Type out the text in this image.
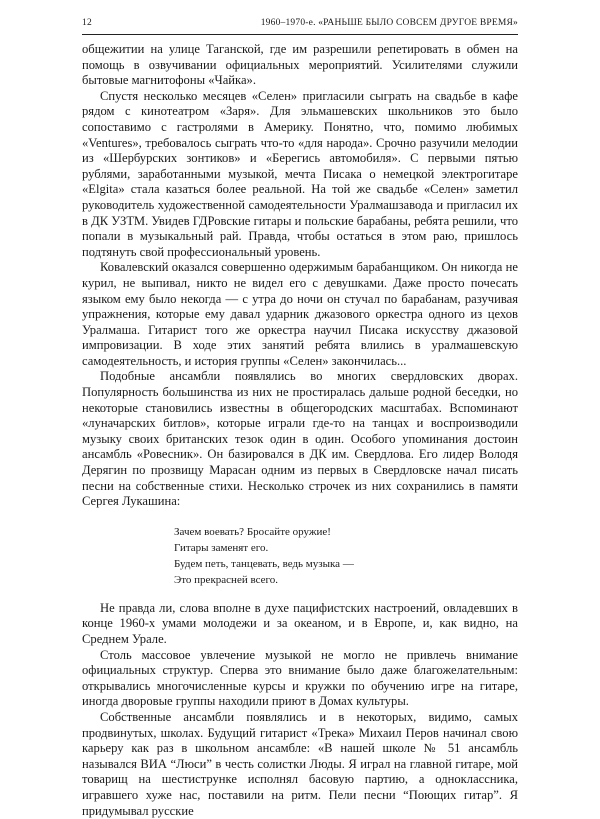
12	1960–1970-е. «РАНЬШЕ БЫЛО СОВСЕМ ДРУГОЕ ВРЕМЯ»

общежитии на улице Таганской, где им разрешили репетировать в обмен на помощь в озвучивании официальных мероприятий. Усилителями служили бытовые магнитофоны «Чайка».

Спустя несколько месяцев «Селен» пригласили сыграть на свадьбе в кафе рядом с кинотеатром «Заря». Для эльмашевских школьников это было сопоставимо с гастролями в Америку. Понятно, что, помимо любимых «Ventures», требовалось сыграть что-то «для народа». Срочно разучили мелодии из «Шербурских зонтиков» и «Берегись автомобиля». С первыми пятью рублями, заработанными музыкой, мечта Писака о немецкой электрогитаре «Elgita» стала казаться более реальной. На той же свадьбе «Селен» заметил руководитель художественной самодеятельности Уралмашзавода и пригласил их в ДК УЗТМ. Увидев ГДРовские гитары и польские барабаны, ребята решили, что попали в музыкальный рай. Правда, чтобы остаться в этом раю, пришлось подтянуть свой профессиональный уровень.

Ковалевский оказался совершенно одержимым барабанщиком. Он никогда не курил, не выпивал, никто не видел его с девушками. Даже просто почесать языком ему было некогда — с утра до ночи он стучал по барабанам, разучивая упражнения, которые ему давал ударник джазового оркестра одного из цехов Уралмаша. Гитарист того же оркестра научил Писака искусству джазовой импровизации. В ходе этих занятий ребята влились в уралмашевскую самодеятельность, и история группы «Селен» закончилась...

Подобные ансамбли появлялись во многих свердловских дворах. Популярность большинства из них не простиралась дальше родной беседки, но некоторые становились известны в общегородских масштабах. Вспоминают «луначарских битлов», которые играли где-то на танцах и воспроизводили музыку своих британских тезок один в один. Особого упоминания достоин ансамбль «Ровесник». Он базировался в ДК им. Свердлова. Его лидер Володя Дерягин по прозвищу Марасан одним из первых в Свердловске начал писать песни на собственные стихи. Несколько строчек из них сохранились в памяти Сергея Лукашина:

Зачем воевать? Бросайте оружие!
Гитары заменят его.
Будем петь, танцевать, ведь музыка —
Это прекрасней всего.

Не правда ли, слова вполне в духе пацифистских настроений, овладевших в конце 1960-х умами молодежи и за океаном, и в Европе, и, как видно, на Среднем Урале.

Столь массовое увлечение музыкой не могло не привлечь внимание официальных структур. Сперва это внимание было даже благожелательным: открывались многочисленные курсы и кружки по обучению игре на гитаре, иногда дворовые группы находили приют в Домах культуры.

Собственные ансамбли появлялись и в некоторых, видимо, самых продвинутых, школах. Будущий гитарист «Трека» Михаил Перов начинал свою карьеру как раз в школьном ансамбле: «В нашей школе № 51 ансамбль назывался ВИА “Люси” в честь солистки Люды. Я играл на главной гитаре, мой товарищ на шестиструнке исполнял басовую партию, а одноклассника, игравшего хуже нас, поставили на ритм. Пели песни “Поющих гитар”. Я придумывал русские
